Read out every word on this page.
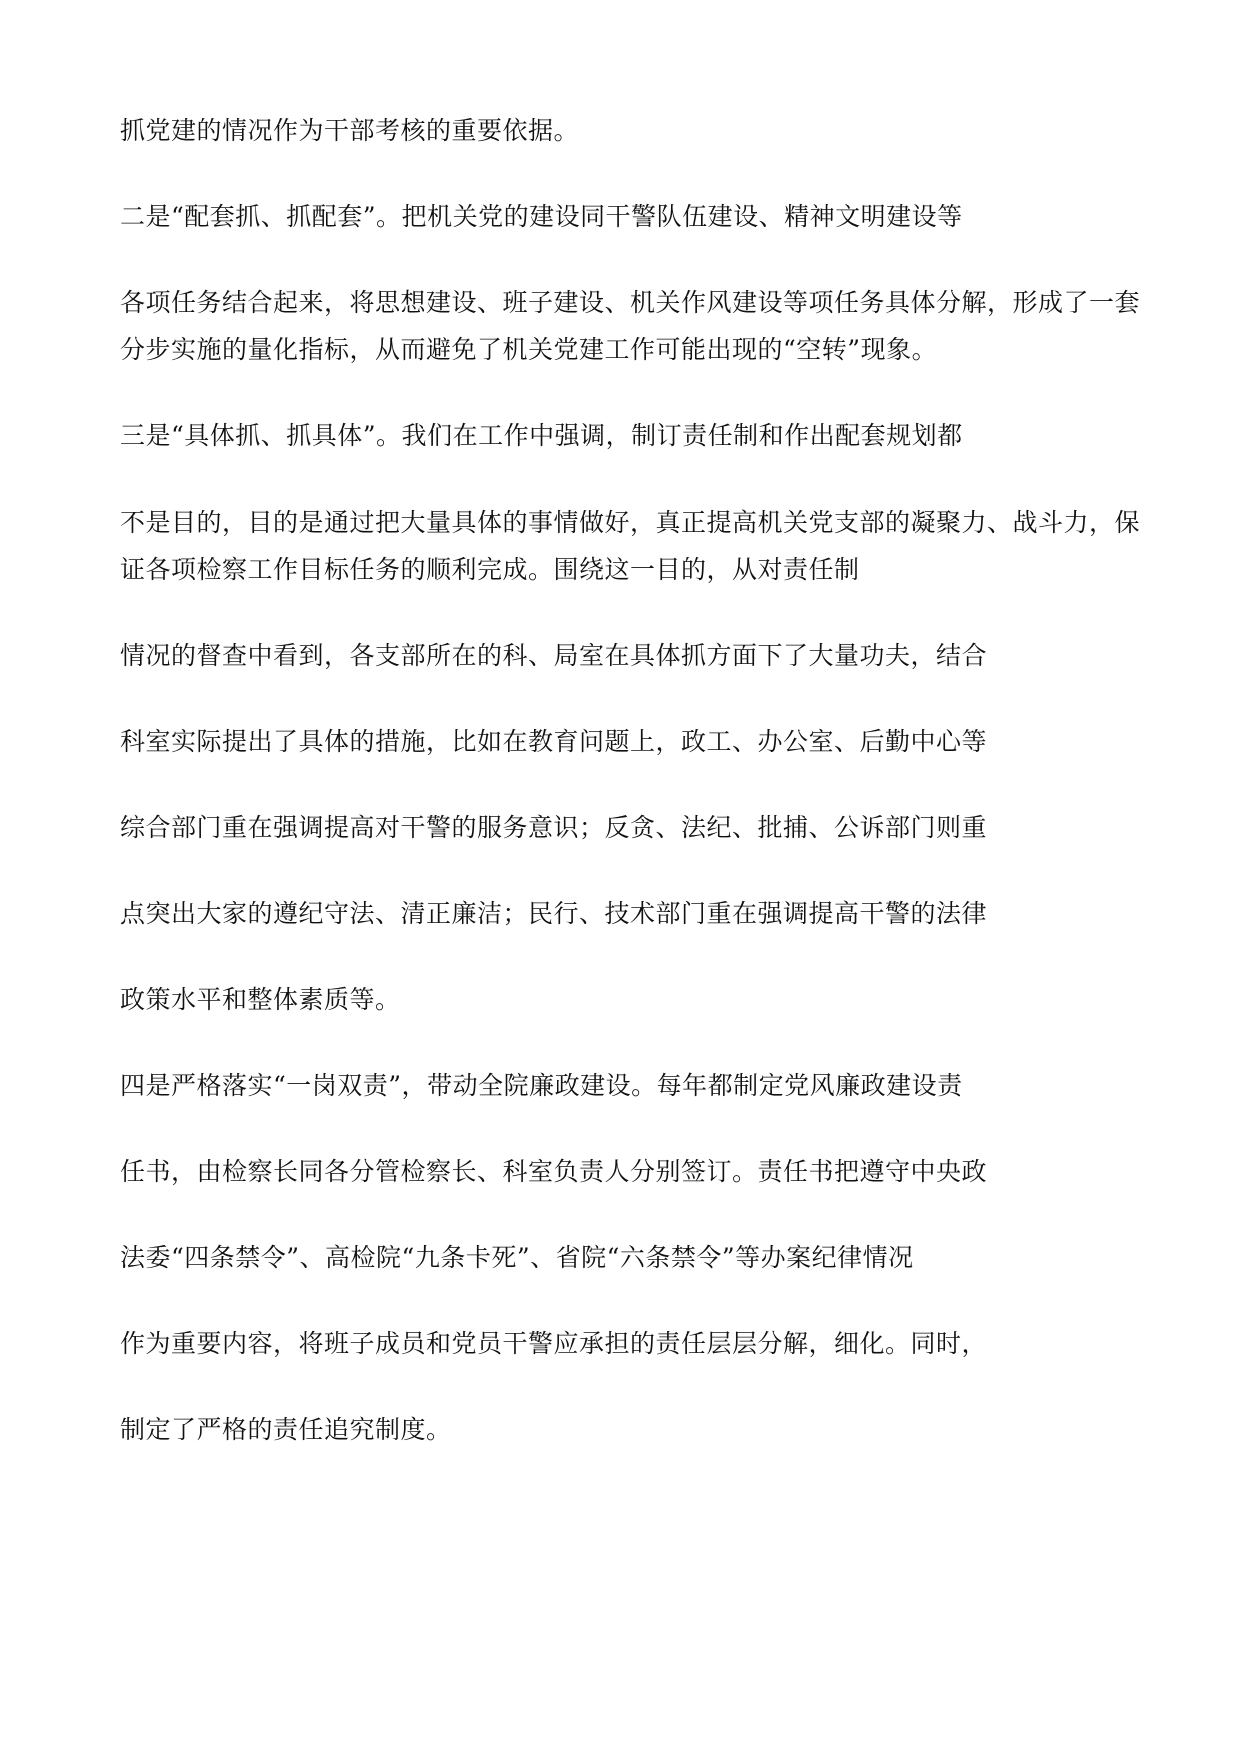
抓党建的情况作为干部考核的重要依据。

二是“配套抓、抓配套”。把机关党的建设同干警队伍建设、精神文明建设等

各项任务结合起来，将思想建设、班子建设、机关作风建设等项任务具体分解，形成了一套

分步实施的量化指标，从而避免了机关党建工作可能出现的“空转”现象。

三是“具体抓、抓具体”。我们在工作中强调，制订责任制和作出配套规划都

不是目的，目的是通过把大量具体的事情做好，真正提高机关党支部的凝聚力、战斗力，保

证各项检察工作目标任务的顺利完成。围绕这一目的，从对责任制

情况的督查中看到，各支部所在的科、局室在具体抓方面下了大量功夫，结合

科室实际提出了具体的措施，比如在教育问题上，政工、办公室、后勤中心等

综合部门重在强调提高对干警的服务意识；反贪、法纪、批捕、公诉部门则重

点突出大家的遵纪守法、清正廉洁；民行、技术部门重在强调提高干警的法律

政策水平和整体素质等。

四是严格落实“一岗双责”，带动全院廉政建设。每年都制定党风廉政建设责

任书，由检察长同各分管检察长、科室负责人分别签订。责任书把遵守中央政

法委“四条禁令”、高检院“九条卡死”、省院“六条禁令”等办案纪律情况

作为重要内容，将班子成员和党员干警应承担的责任层层分解，细化。同时，

制定了严格的责任追究制度。
